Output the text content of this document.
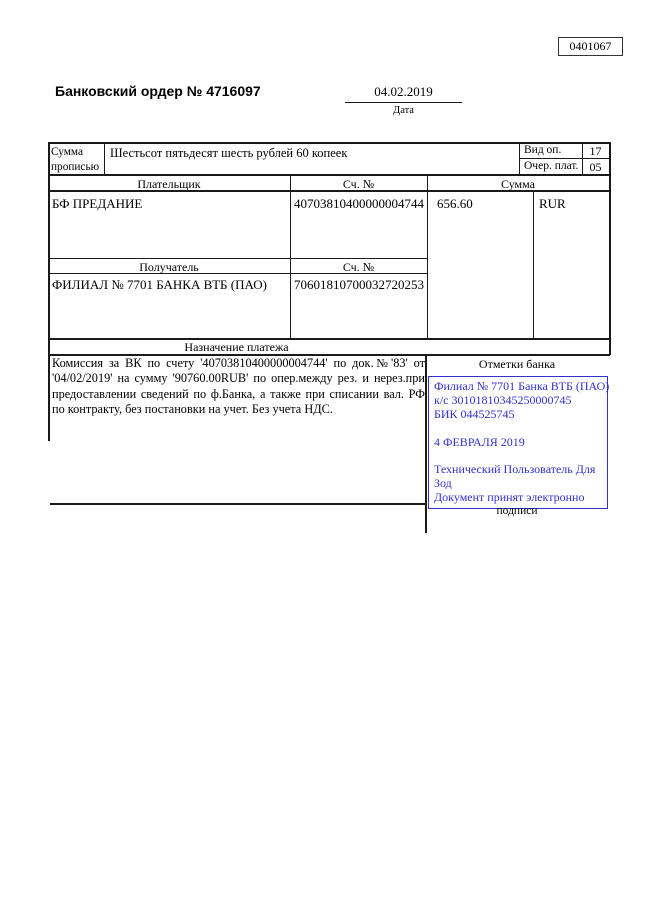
0401067
Банковский ордер № 4716097	04.02.2019
Дата
Сумма прописью
Шестьсот пятьдесят шесть рублей 60 копеек	Вид оп.	17
Очер. плат. 05
Плательщик	Сч. №	Сумма
БФ ПРЕДАНИЕ	40703810400000004744 656.60	RUR
Получатель	Сч. №
ФИЛИАЛ № 7701 БАНКА ВТБ (ПАО) 70601810700032720253
Назначение платежа
Комиссия за ВК по счету '40703810400000004744' по док.№'83' от '04/02/2019' на сумму '90760.00RUB' по опер.между рез. и нерез.при предоставлении сведений по ф.Банка, а также при списании вал. РФ по контракту, без постановки на учет. Без учета НДС.
Отметки банка
Филиал № 7701 Банка ВТБ (ПАО)
к/с 30101810345250000745
БИК 044525745

4 ФЕВРАЛЯ 2019

Технический Пользователь Для
Зод
Документ принят электронно
подписи
